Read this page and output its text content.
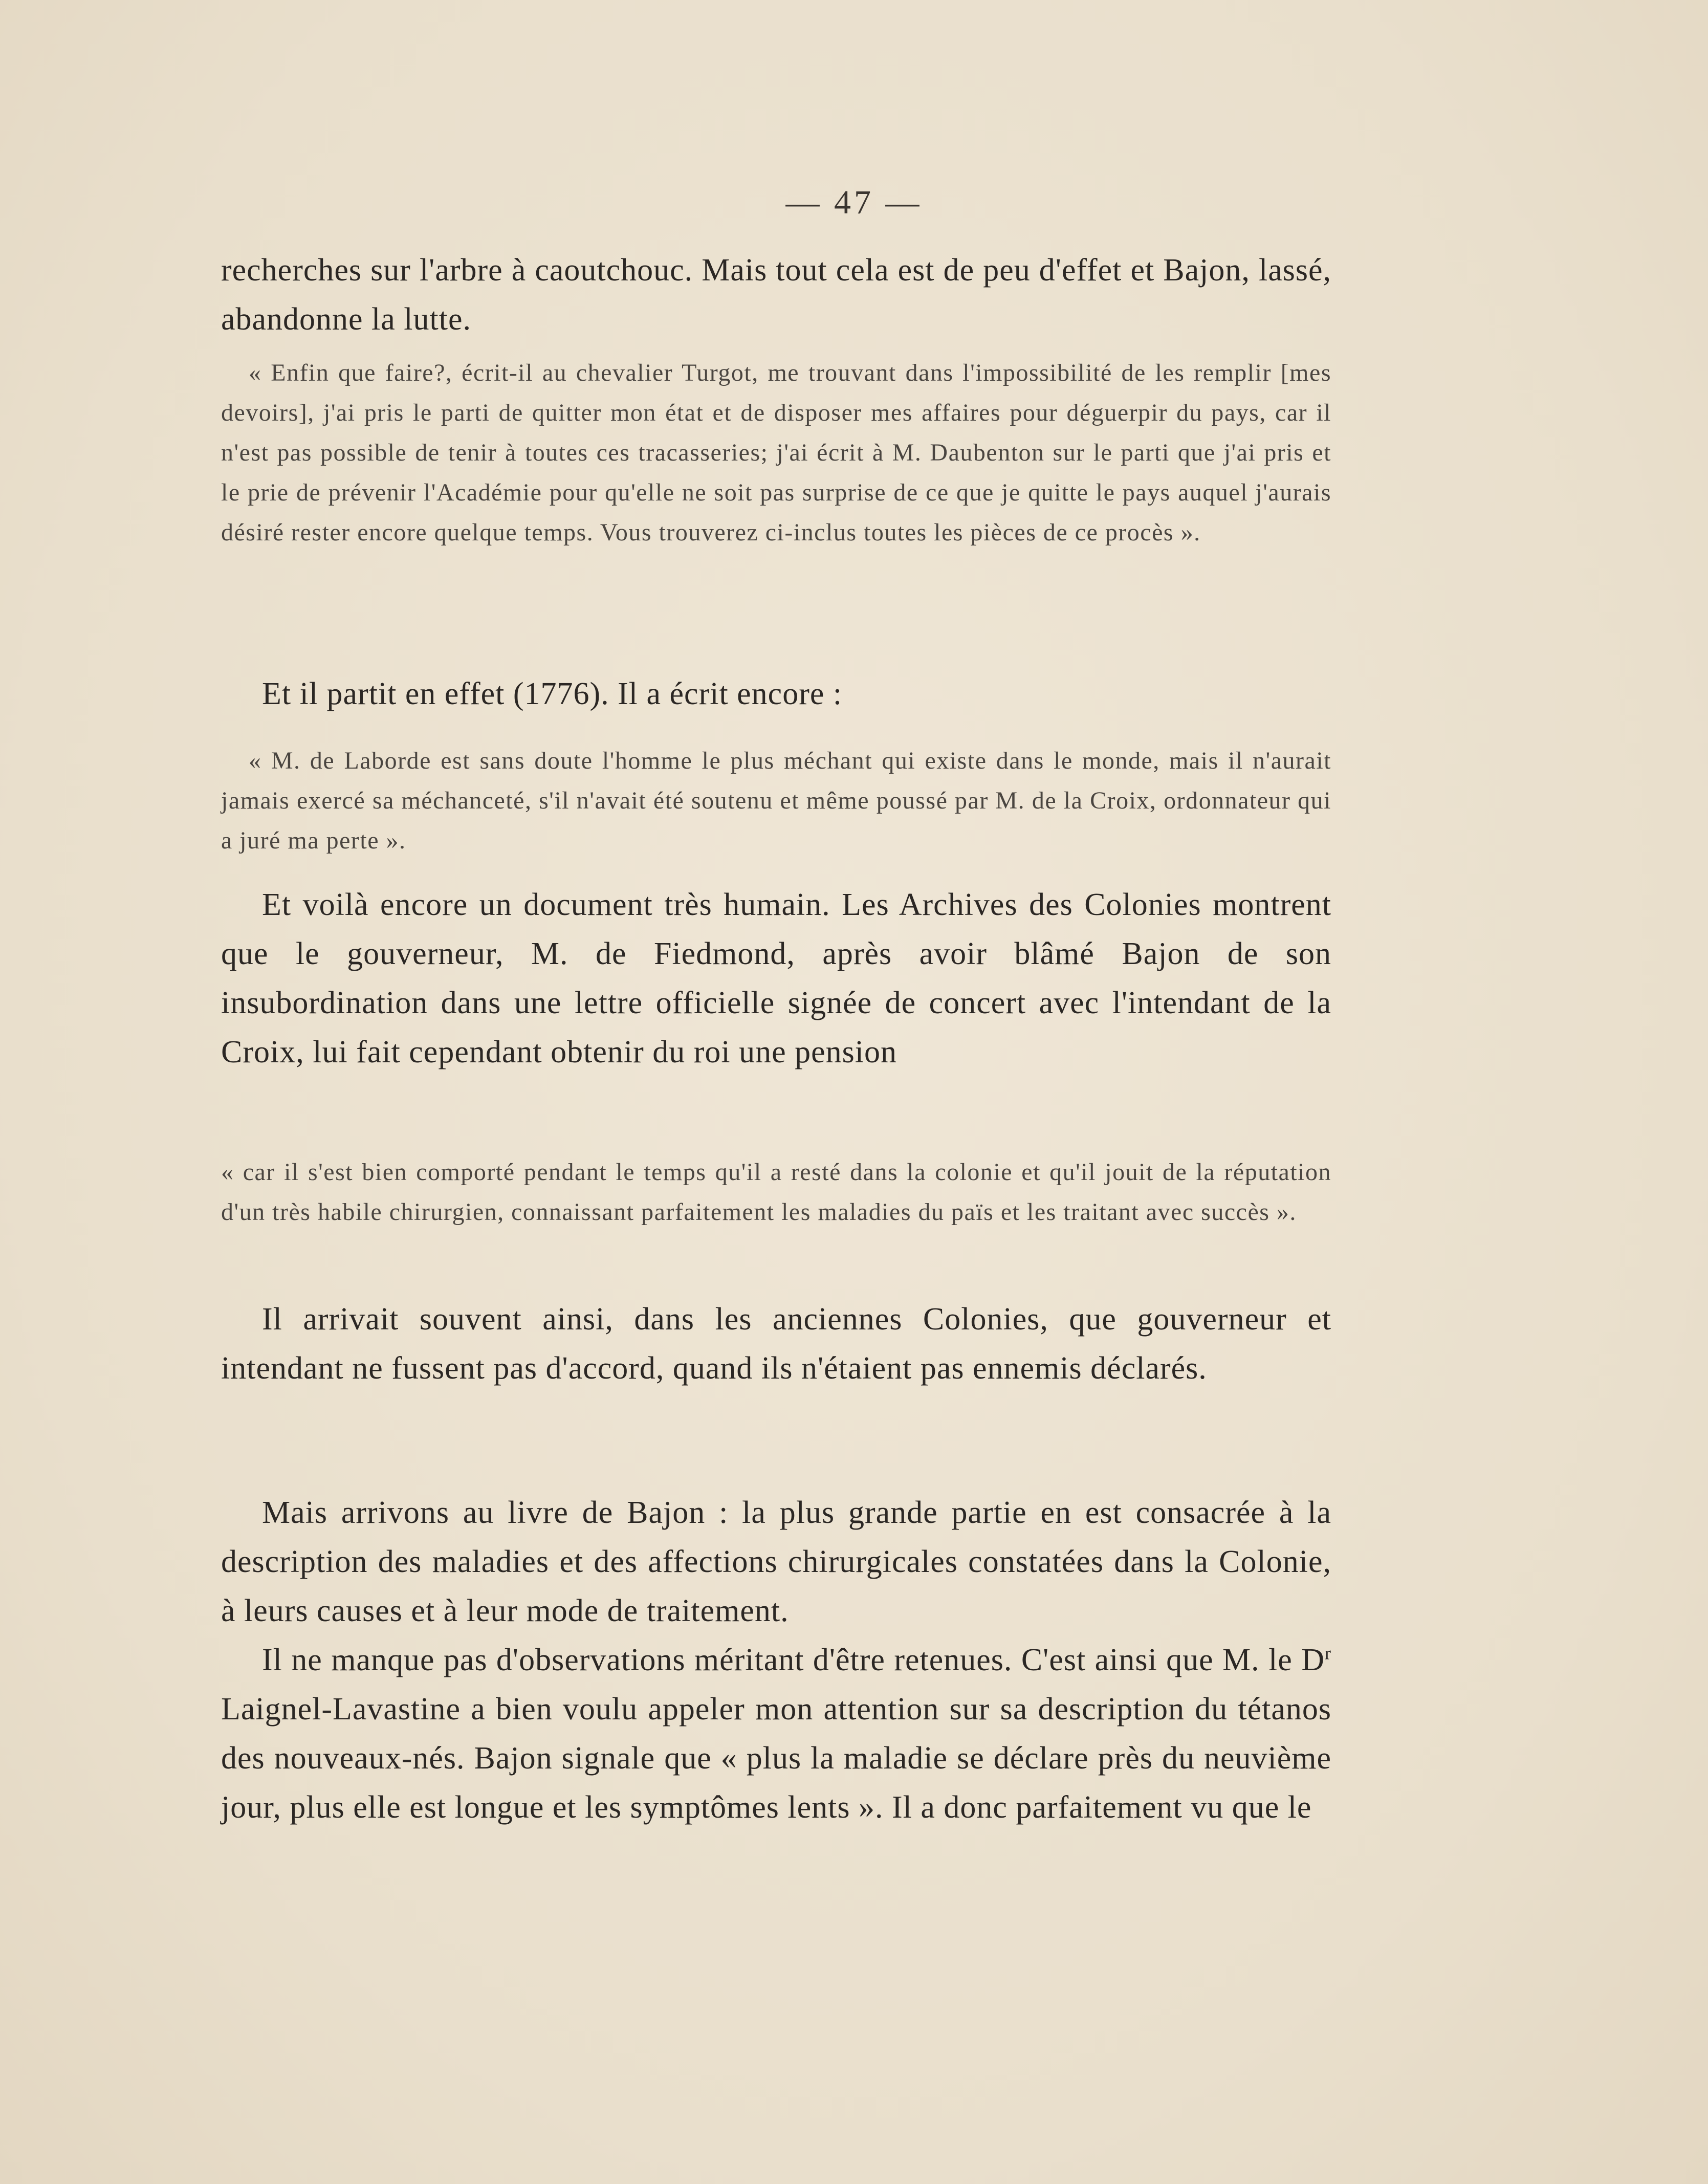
— 47 —

recherches sur l'arbre à caoutchouc. Mais tout cela est de peu d'effet et Bajon, lassé, abandonne la lutte.

« Enfin que faire?, écrit-il au chevalier Turgot, me trouvant dans l'impossibilité de les remplir [mes devoirs], j'ai pris le parti de quitter mon état et de disposer mes affaires pour déguerpir du pays, car il n'est pas possible de tenir à toutes ces tracasseries; j'ai écrit à M. Daubenton sur le parti que j'ai pris et le prie de prévenir l'Académie pour qu'elle ne soit pas surprise de ce que je quitte le pays auquel j'aurais désiré rester encore quelque temps. Vous trouverez ci-inclus toutes les pièces de ce procès ».

Et il partit en effet (1776). Il a écrit encore :

« M. de Laborde est sans doute l'homme le plus méchant qui existe dans le monde, mais il n'aurait jamais exercé sa méchanceté, s'il n'avait été soutenu et même poussé par M. de la Croix, ordonnateur qui a juré ma perte ».

Et voilà encore un document très humain. Les Archives des Colonies montrent que le gouverneur, M. de Fiedmond, après avoir blâmé Bajon de son insubordination dans une lettre officielle signée de concert avec l'intendant de la Croix, lui fait cependant obtenir du roi une pension

« car il s'est bien comporté pendant le temps qu'il a resté dans la colonie et qu'il jouit de la réputation d'un très habile chirurgien, connaissant parfaitement les maladies du païs et les traitant avec succès ».

Il arrivait souvent ainsi, dans les anciennes Colonies, que gouverneur et intendant ne fussent pas d'accord, quand ils n'étaient pas ennemis déclarés.

Mais arrivons au livre de Bajon : la plus grande partie en est consacrée à la description des maladies et des affections chirurgicales constatées dans la Colonie, à leurs causes et à leur mode de traitement.

Il ne manque pas d'observations méritant d'être retenues. C'est ainsi que M. le $D^r$ Laignel-Lavastine a bien voulu appeler mon attention sur sa description du tétanos des nouveaux-nés. Bajon signale que « plus la maladie se déclare près du neuvième jour, plus elle est longue et les symptômes lents ». Il a donc parfaitement vu que le
